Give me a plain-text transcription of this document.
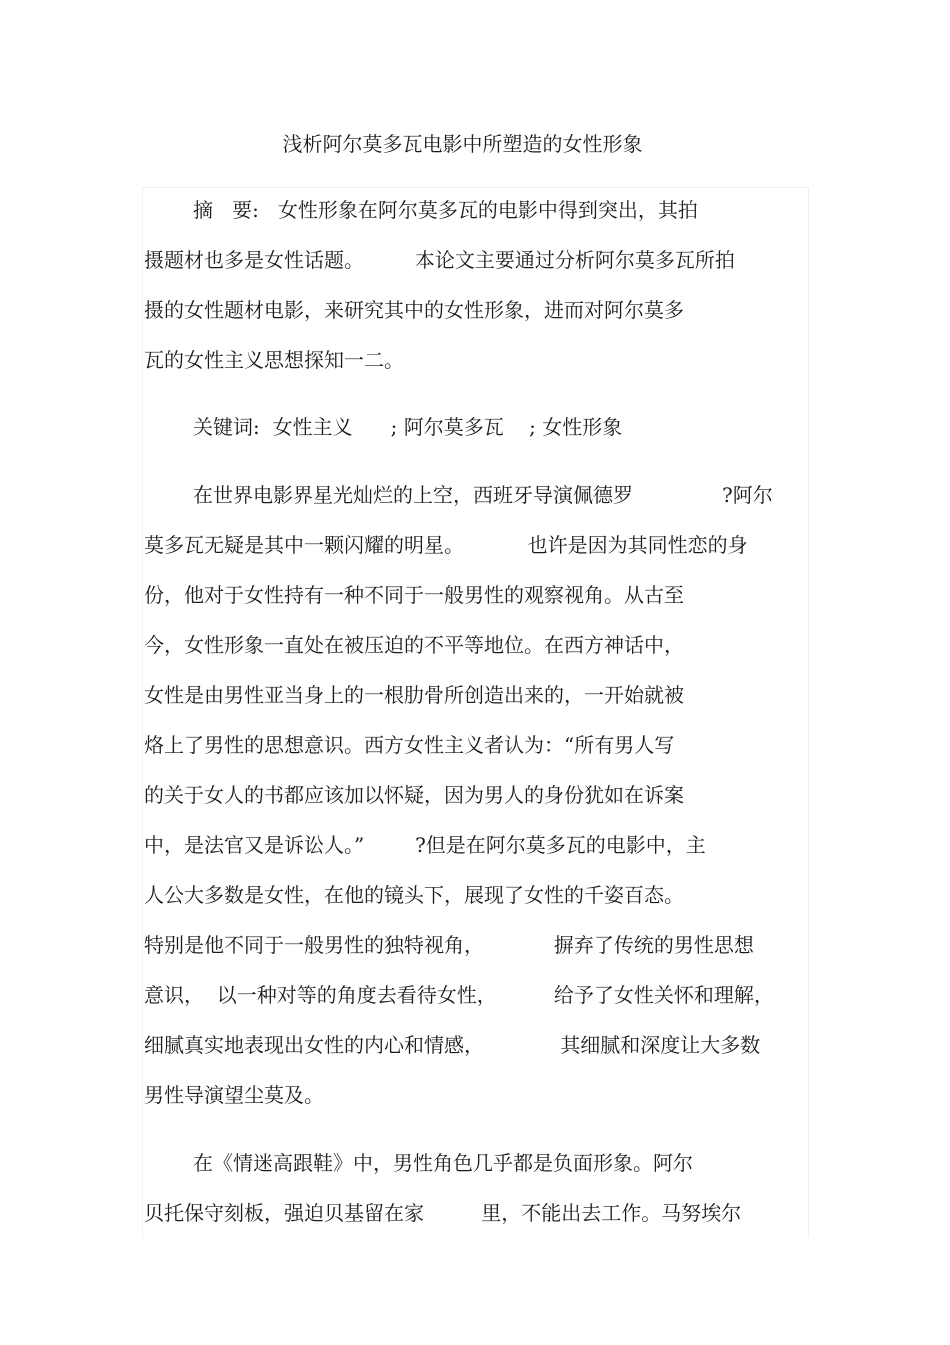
浅析阿尔莫多瓦电影中所塑造的女性形象
摘   要:   女性形象在阿尔莫多瓦的电影中得到突出，其拍
摄题材也多是女性话题。        本论文主要通过分析阿尔莫多瓦所拍
摄的女性题材电影，来研究其中的女性形象，进而对阿尔莫多
瓦的女性主义思想探知一二。
关键词:  女性主义      ; 阿尔莫多瓦    ; 女性形象
在世界电影界星光灿烂的上空，西班牙导演佩德罗              ?阿尔
莫多瓦无疑是其中一颗闪耀的明星。          也许是因为其同性恋的身
份，他对于女性持有一种不同于一般男性的观察视角。从古至
今，女性形象一直处在被压迫的不平等地位。在西方神话中，
女性是由男性亚当身上的一根肋骨所创造出来的，一开始就被
烙上了男性的思想意识。西方女性主义者认为：“所有男人写
的关于女人的书都应该加以怀疑，因为男人的身份犹如在诉案
中，是法官又是诉讼人。”        ?但是在阿尔莫多瓦的电影中，主
人公大多数是女性，在他的镜头下，展现了女性的千姿百态。
特别是他不同于一般男性的独特视角，           摒弃了传统的男性思想
意识，  以一种对等的角度去看待女性，         给予了女性关怀和理解，
细腻真实地表现出女性的内心和情感，            其细腻和深度让大多数
男性导演望尘莫及。
在《情迷高跟鞋》中，男性角色几乎都是负面形象。阿尔
贝托保守刻板，强迫贝基留在家         里，不能出去工作。马努埃尔
